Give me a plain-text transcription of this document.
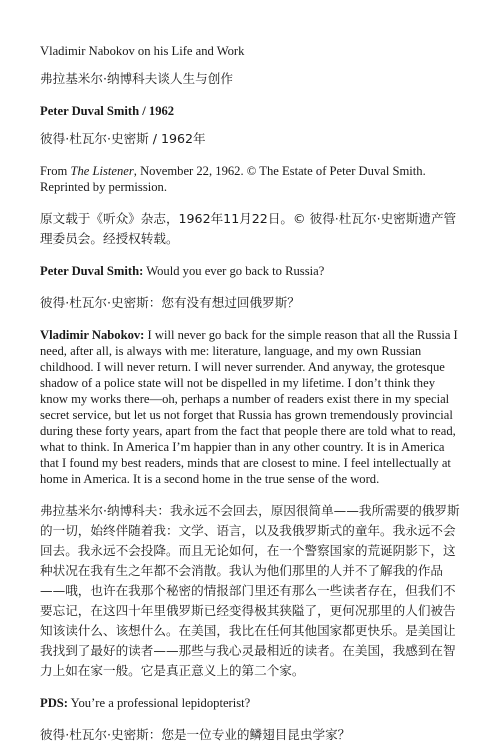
Vladimir Nabokov on his Life and Work

弗拉基米尔·纳博科夫谈人生与创作

Peter Duval Smith / 1962

彼得·杜瓦尔·史密斯 / 1962年

From The Listener, November 22, 1962. © The Estate of Peter Duval Smith. Reprinted by permission.

原文载于《听众》杂志，1962年11月22日。© 彼得·杜瓦尔·史密斯遗产管理委员会。经授权转载。

Peter Duval Smith: Would you ever go back to Russia?

彼得·杜瓦尔·史密斯：您有没有想过回俄罗斯？

Vladimir Nabokov: I will never go back for the simple reason that all the Russia I need, after all, is always with me: literature, language, and my own Russian childhood. I will never return. I will never surrender. And anyway, the grotesque shadow of a police state will not be dispelled in my lifetime. I don’t think they know my works there—oh, perhaps a number of readers exist there in my special secret service, but let us not forget that Russia has grown tremendously provincial during these forty years, apart from the fact that people there are told what to read, what to think. In America I’m happier than in any other country. It is in America that I found my best readers, minds that are closest to mine. I feel intellectually at home in America. It is a second home in the true sense of the word.

弗拉基米尔·纳博科夫：我永远不会回去，原因很简单——我所需要的俄罗斯的一切，始终伴随着我：文学、语言，以及我俄罗斯式的童年。我永远不会回去。我永远不会投降。而且无论如何，在一个警察国家的荒诞阴影下，这种状况在我有生之年都不会消散。我认为他们那里的人并不了解我的作品——哦，也许在我那个秘密的情报部门里还有那么一些读者存在，但我们不要忘记，在这四十年里俄罗斯已经变得极其狭隘了，更何况那里的人们被告知该读什么、该想什么。在美国，我比在任何其他国家都更快乐。是美国让我找到了最好的读者——那些与我心灵最相近的读者。在美国，我感到在智力上如在家一般。它是真正意义上的第二个家。

PDS: You’re a professional lepidopterist?

彼得·杜瓦尔·史密斯：您是一位专业的鳞翅目昆虫学家？
